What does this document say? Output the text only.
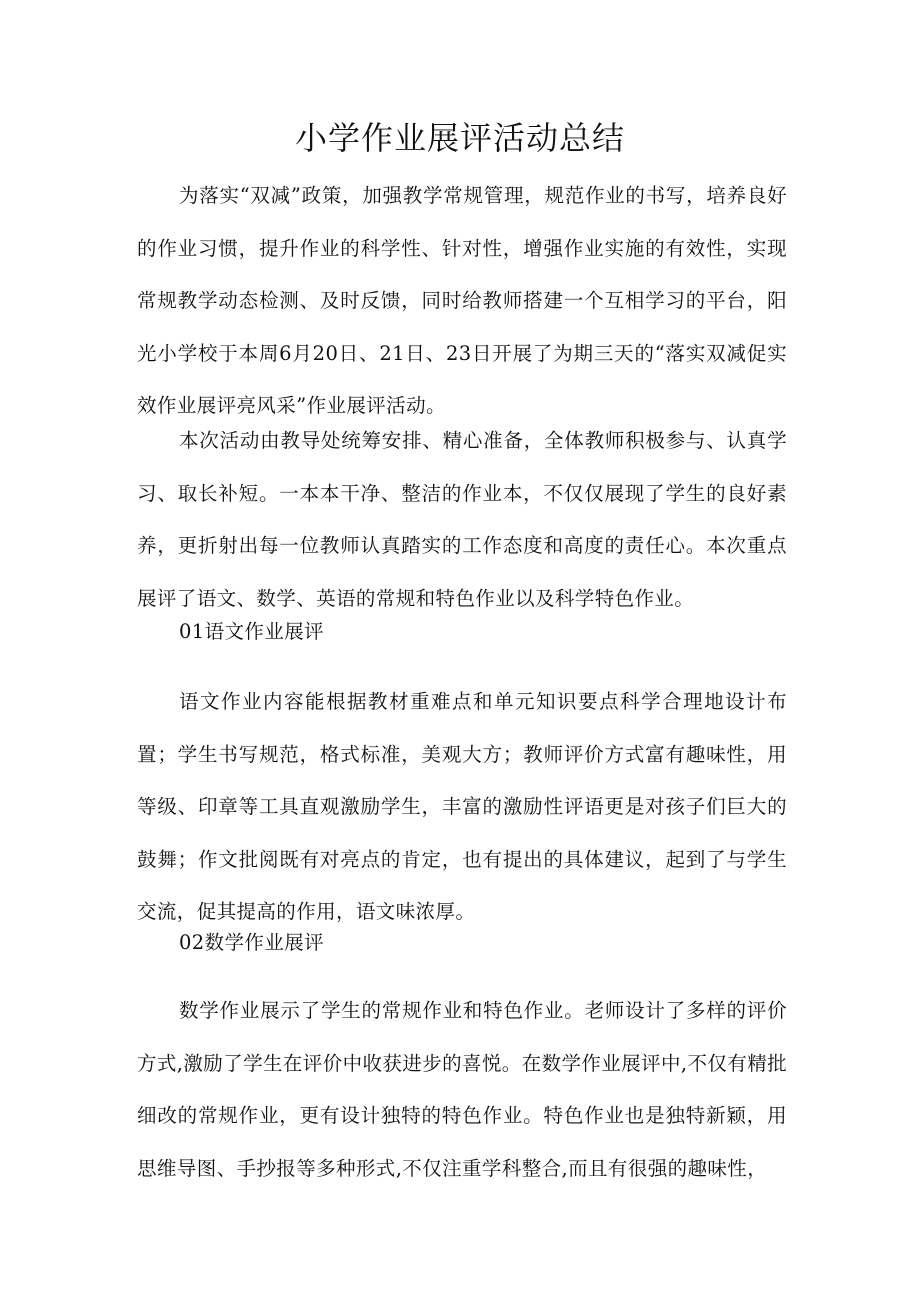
小学作业展评活动总结

为落实“双减”政策，加强教学常规管理，规范作业的书写，培养良好的作业习惯，提升作业的科学性、针对性，增强作业实施的有效性，实现常规教学动态检测、及时反馈，同时给教师搭建一个互相学习的平台，阳光小学校于本周6月20日、21日、23日开展了为期三天的“落实双减促实效作业展评亮风采”作业展评活动。

本次活动由教导处统筹安排、精心准备，全体教师积极参与、认真学习、取长补短。一本本干净、整洁的作业本，不仅仅展现了学生的良好素养，更折射出每一位教师认真踏实的工作态度和高度的责任心。本次重点展评了语文、数学、英语的常规和特色作业以及科学特色作业。

01语文作业展评

语文作业内容能根据教材重难点和单元知识要点科学合理地设计布置；学生书写规范，格式标准，美观大方；教师评价方式富有趣味性，用等级、印章等工具直观激励学生，丰富的激励性评语更是对孩子们巨大的鼓舞；作文批阅既有对亮点的肯定，也有提出的具体建议，起到了与学生交流，促其提高的作用，语文味浓厚。

02数学作业展评

数学作业展示了学生的常规作业和特色作业。老师设计了多样的评价方式,激励了学生在评价中收获进步的喜悦。在数学作业展评中,不仅有精批细改的常规作业，更有设计独特的特色作业。特色作业也是独特新颖，用思维导图、手抄报等多种形式,不仅注重学科整合,而且有很强的趣味性，
